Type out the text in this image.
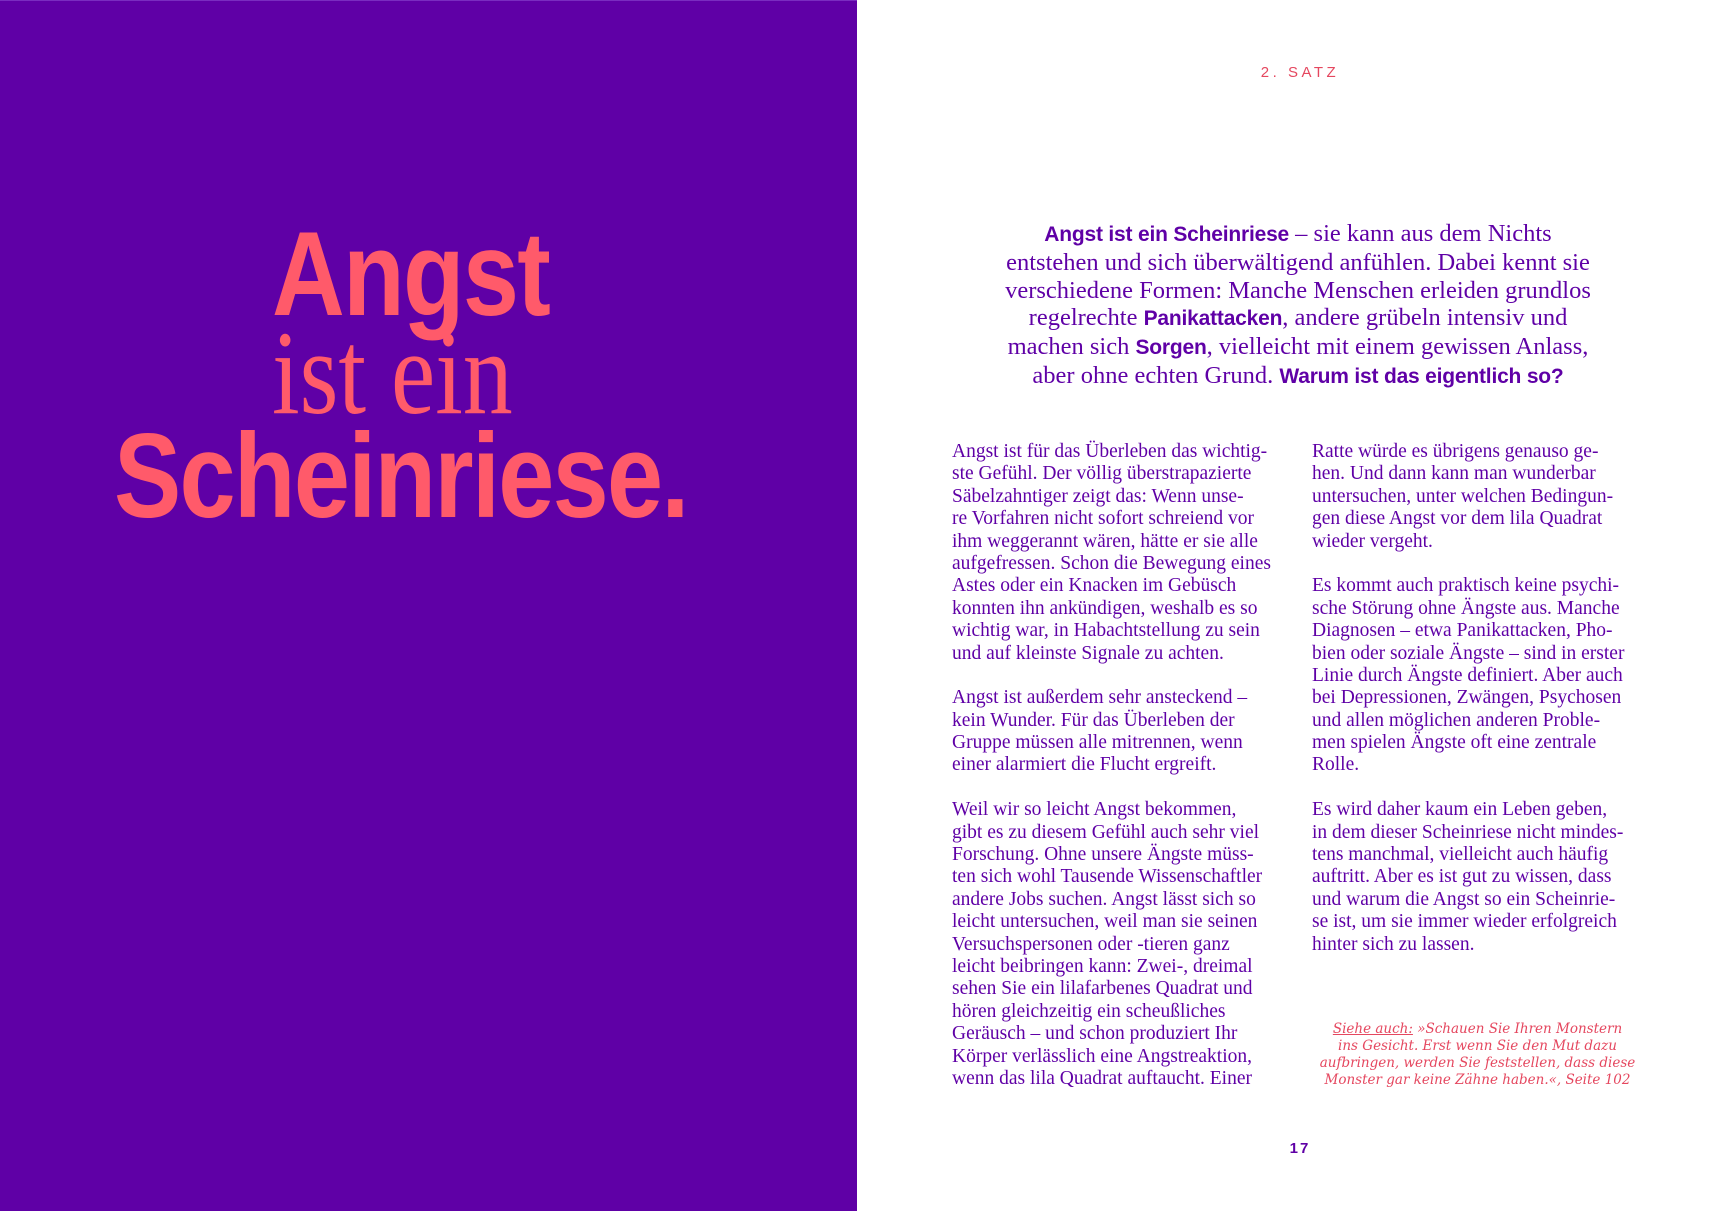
Angst
ist ein
Scheinriese.
2. SATZ
Angst ist ein Scheinriese – sie kann aus dem Nichts
entstehen und sich überwältigend anfühlen. Dabei kennt sie
verschiedene Formen: Manche Menschen erleiden grundlos
regelrechte Panikattacken, andere grübeln intensiv und
machen sich Sorgen, vielleicht mit einem gewissen Anlass,
aber ohne echten Grund. Warum ist das eigentlich so?
Angst ist für das Überleben das wichtig-
ste Gefühl. Der völlig überstrapazierte
Säbelzahntiger zeigt das: Wenn unse-
re Vorfahren nicht sofort schreiend vor
ihm weggerannt wären, hätte er sie alle
aufgefressen. Schon die Bewegung eines
Astes oder ein Knacken im Gebüsch
konnten ihn ankündigen, weshalb es so
wichtig war, in Habachtstellung zu sein
und auf kleinste Signale zu achten.
Angst ist außerdem sehr ansteckend –
kein Wunder. Für das Überleben der
Gruppe müssen alle mitrennen, wenn
einer alarmiert die Flucht ergreift.
Weil wir so leicht Angst bekommen,
gibt es zu diesem Gefühl auch sehr viel
Forschung. Ohne unsere Ängste müss-
ten sich wohl Tausende Wissenschaftler
andere Jobs suchen. Angst lässt sich so
leicht untersuchen, weil man sie seinen
Versuchspersonen oder -tieren ganz
leicht beibringen kann: Zwei-, dreimal
sehen Sie ein lilafarbenes Quadrat und
hören gleichzeitig ein scheußliches
Geräusch – und schon produziert Ihr
Körper verlässlich eine Angstreaktion,
wenn das lila Quadrat auftaucht. Einer
Ratte würde es übrigens genauso ge-
hen. Und dann kann man wunderbar
untersuchen, unter welchen Bedingun-
gen diese Angst vor dem lila Quadrat
wieder vergeht.
Es kommt auch praktisch keine psychi-
sche Störung ohne Ängste aus. Manche
Diagnosen – etwa Panikattacken, Pho-
bien oder soziale Ängste – sind in erster
Linie durch Ängste definiert. Aber auch
bei Depressionen, Zwängen, Psychosen
und allen möglichen anderen Proble-
men spielen Ängste oft eine zentrale
Rolle.
Es wird daher kaum ein Leben geben,
in dem dieser Scheinriese nicht mindes-
tens manchmal, vielleicht auch häufig
auftritt. Aber es ist gut zu wissen, dass
und warum die Angst so ein Scheinrie-
se ist, um sie immer wieder erfolgreich
hinter sich zu lassen.
Siehe auch: »Schauen Sie Ihren Monstern
ins Gesicht. Erst wenn Sie den Mut dazu
aufbringen, werden Sie feststellen, dass diese
Monster gar keine Zähne haben.«, Seite 102
17
